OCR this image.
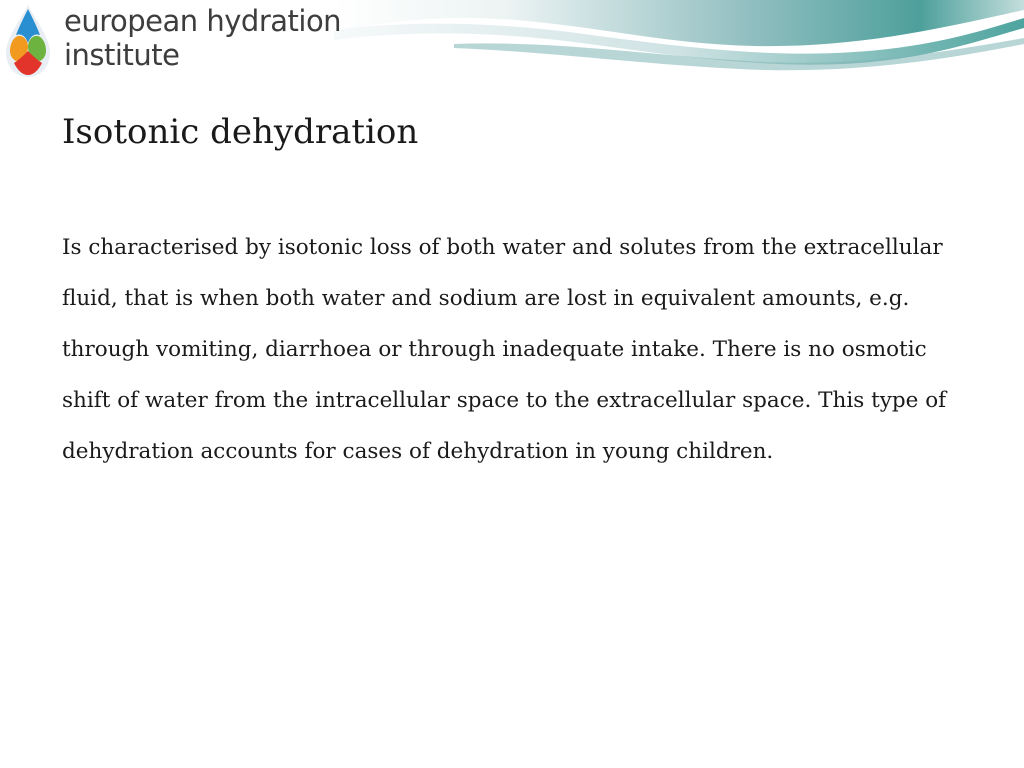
european hydration
institute
Isotonic dehydration

Is characterised by isotonic loss of both water and solutes from the extracellular fluid, that is when both water and sodium are lost in equivalent amounts, e.g. through vomiting, diarrhoea or through inadequate intake. There is no osmotic shift of water from the intracellular space to the extracellular space. This type of dehydration accounts for cases of dehydration in young children.
